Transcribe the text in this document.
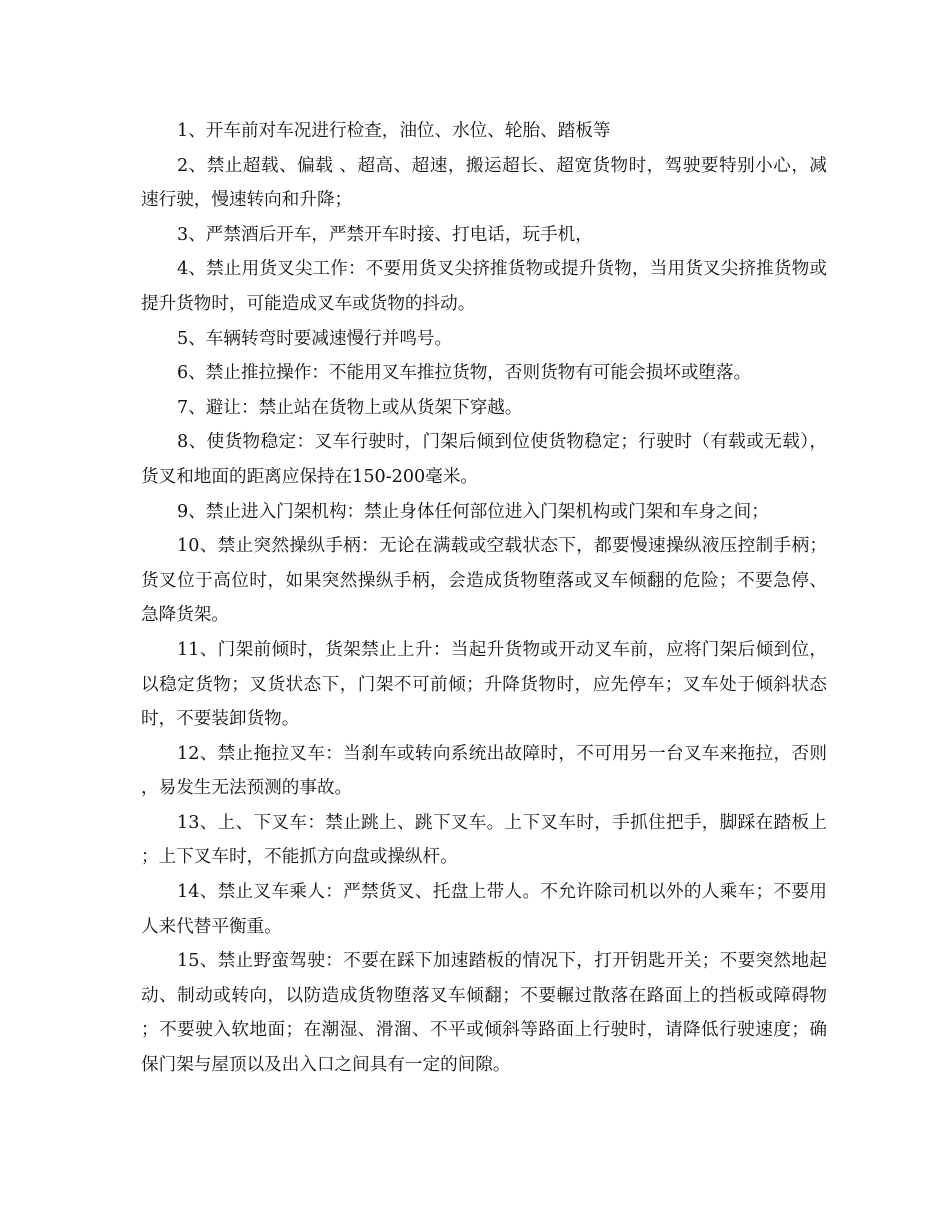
1、开车前对车况进行检查，油位、水位、轮胎、踏板等

2、禁止超载、偏载 、超高、超速，搬运超长、超宽货物时，驾驶要特别小心，减速行驶，慢速转向和升降；

3、严禁酒后开车，严禁开车时接、打电话，玩手机，

4、禁止用货叉尖工作：不要用货叉尖挤推货物或提升货物，当用货叉尖挤推货物或提升货物时，可能造成叉车或货物的抖动。

5、车辆转弯时要减速慢行并鸣号。

6、禁止推拉操作：不能用叉车推拉货物，否则货物有可能会损坏或堕落。

7、避让：禁止站在货物上或从货架下穿越。

8、使货物稳定：叉车行驶时，门架后倾到位使货物稳定；行驶时（有载或无载），货叉和地面的距离应保持在150-200毫米。

9、禁止进入门架机构：禁止身体任何部位进入门架机构或门架和车身之间；

10、禁止突然操纵手柄：无论在满载或空载状态下，都要慢速操纵液压控制手柄；货叉位于高位时，如果突然操纵手柄，会造成货物堕落或叉车倾翻的危险；不要急停、急降货架。

11、门架前倾时，货架禁止上升：当起升货物或开动叉车前，应将门架后倾到位，以稳定货物；叉货状态下，门架不可前倾；升降货物时，应先停车；叉车处于倾斜状态时，不要装卸货物。

12、禁止拖拉叉车：当刹车或转向系统出故障时，不可用另一台叉车来拖拉，否则，易发生无法预测的事故。

13、上、下叉车：禁止跳上、跳下叉车。上下叉车时，手抓住把手，脚踩在踏板上；上下叉车时，不能抓方向盘或操纵杆。

14、禁止叉车乘人：严禁货叉、托盘上带人。不允许除司机以外的人乘车；不要用人来代替平衡重。

15、禁止野蛮驾驶：不要在踩下加速踏板的情况下，打开钥匙开关；不要突然地起动、制动或转向，以防造成货物堕落叉车倾翻；不要輾过散落在路面上的挡板或障碍物；不要驶入软地面；在潮湿、滑溜、不平或倾斜等路面上行驶时，请降低行驶速度；确保门架与屋顶以及出入口之间具有一定的间隙。
